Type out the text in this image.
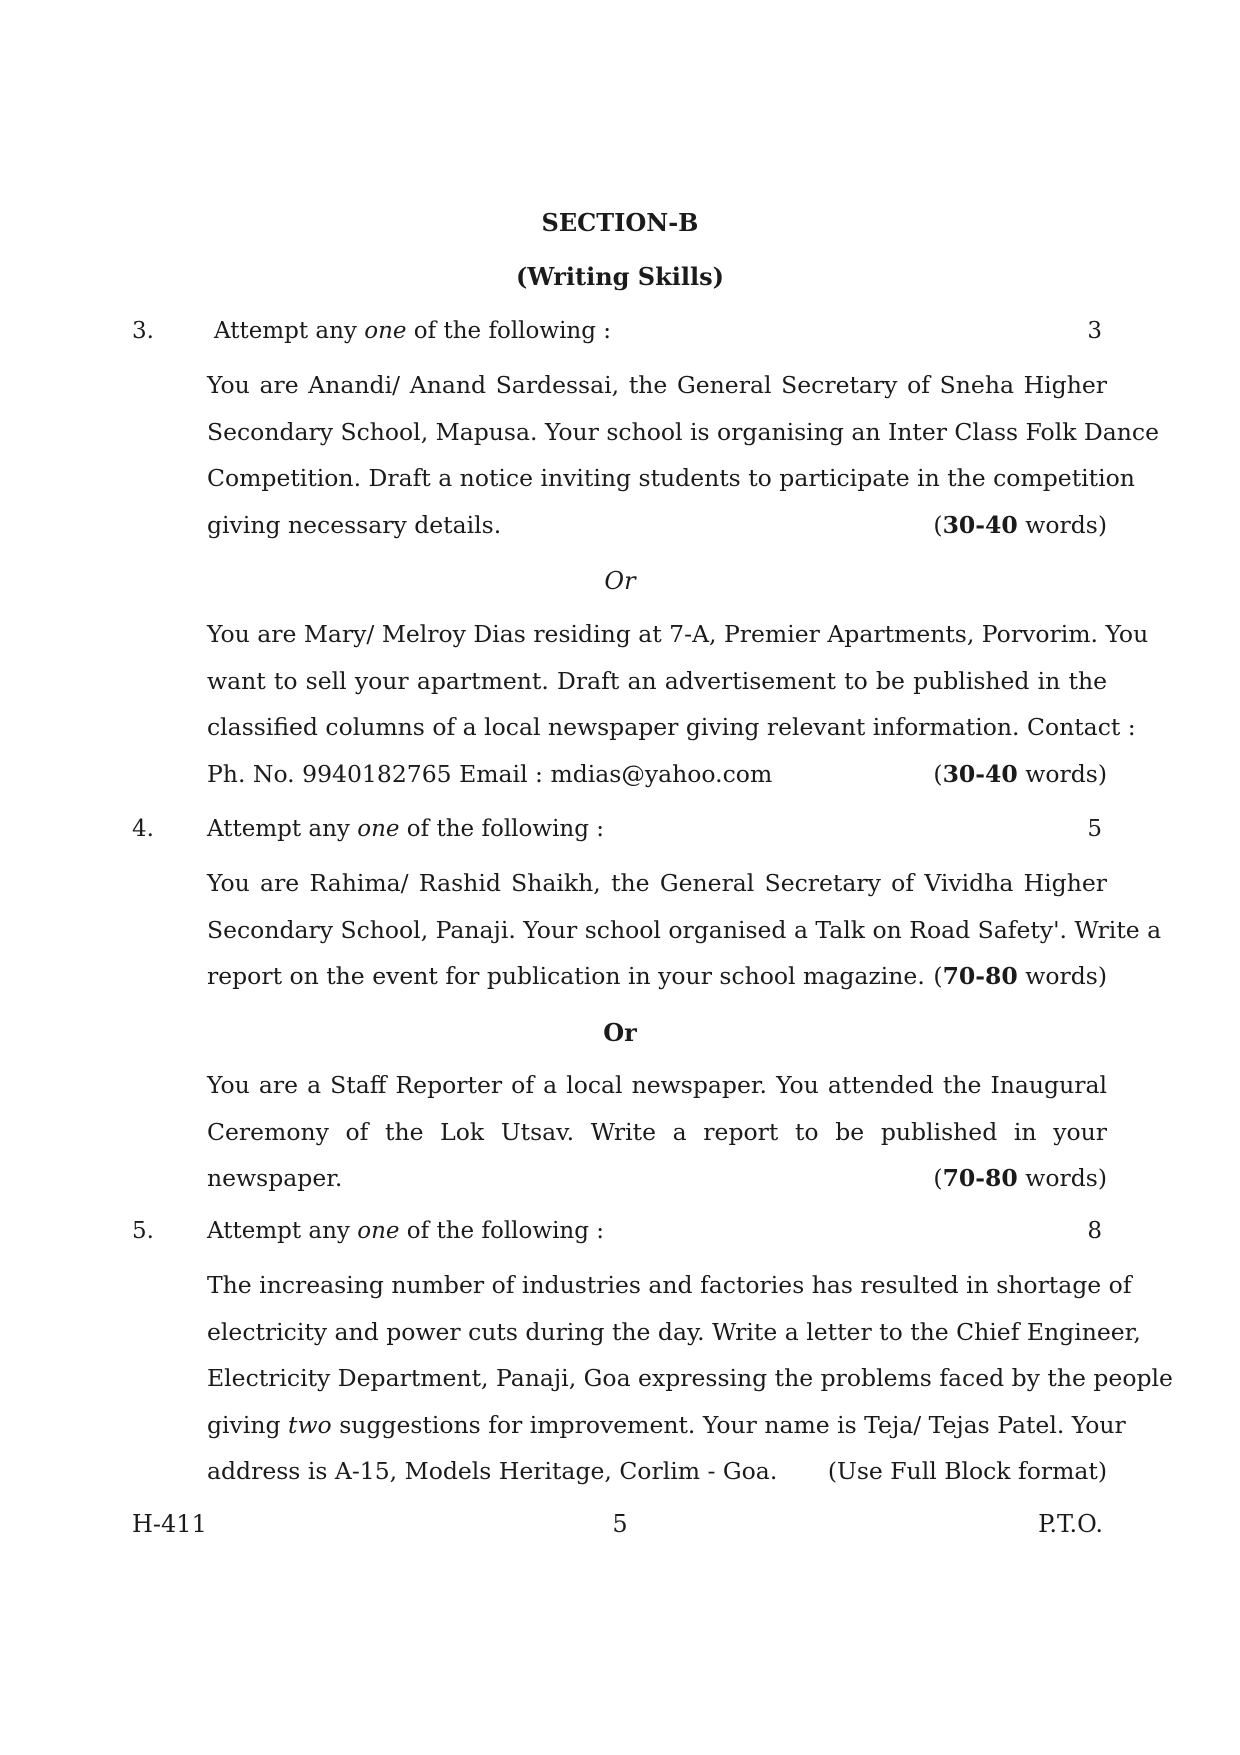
SECTION-B
(Writing Skills)
3.	Attempt any one of the following :	3
You are Anandi/ Anand Sardessai, the General Secretary of Sneha Higher
Secondary School, Mapusa. Your school is organising an Inter Class Folk Dance
Competition. Draft a notice inviting students to participate in the competition
giving necessary details.	(30-40 words)
Or
You are Mary/ Melroy Dias residing at 7-A, Premier Apartments, Porvorim. You
want to sell your apartment. Draft an advertisement to be published in the
classified columns of a local newspaper giving relevant information. Contact :
Ph. No. 9940182765 Email : mdias@yahoo.com	(30-40 words)
4. Attempt any one of the following :	5
You are Rahima/ Rashid Shaikh, the General Secretary of Vividha Higher
Secondary School, Panaji. Your school organised a Talk on Road Safety'. Write a
report on the event for publication in your school magazine. (70-80 words)
Or
You are a Staff Reporter of a local newspaper. You attended the Inaugural
Ceremony of the Lok Utsav. Write a report to be published in your
newspaper.	(70-80 words)
5. Attempt any one of the following :	8
The increasing number of industries and factories has resulted in shortage of
electricity and power cuts during the day. Write a letter to the Chief Engineer,
Electricity Department, Panaji, Goa expressing the problems faced by the people
giving two suggestions for improvement. Your name is Teja/ Tejas Patel. Your
address is A-15, Models Heritage, Corlim - Goa. (Use Full Block format)
H-411	5	P.T.O.
